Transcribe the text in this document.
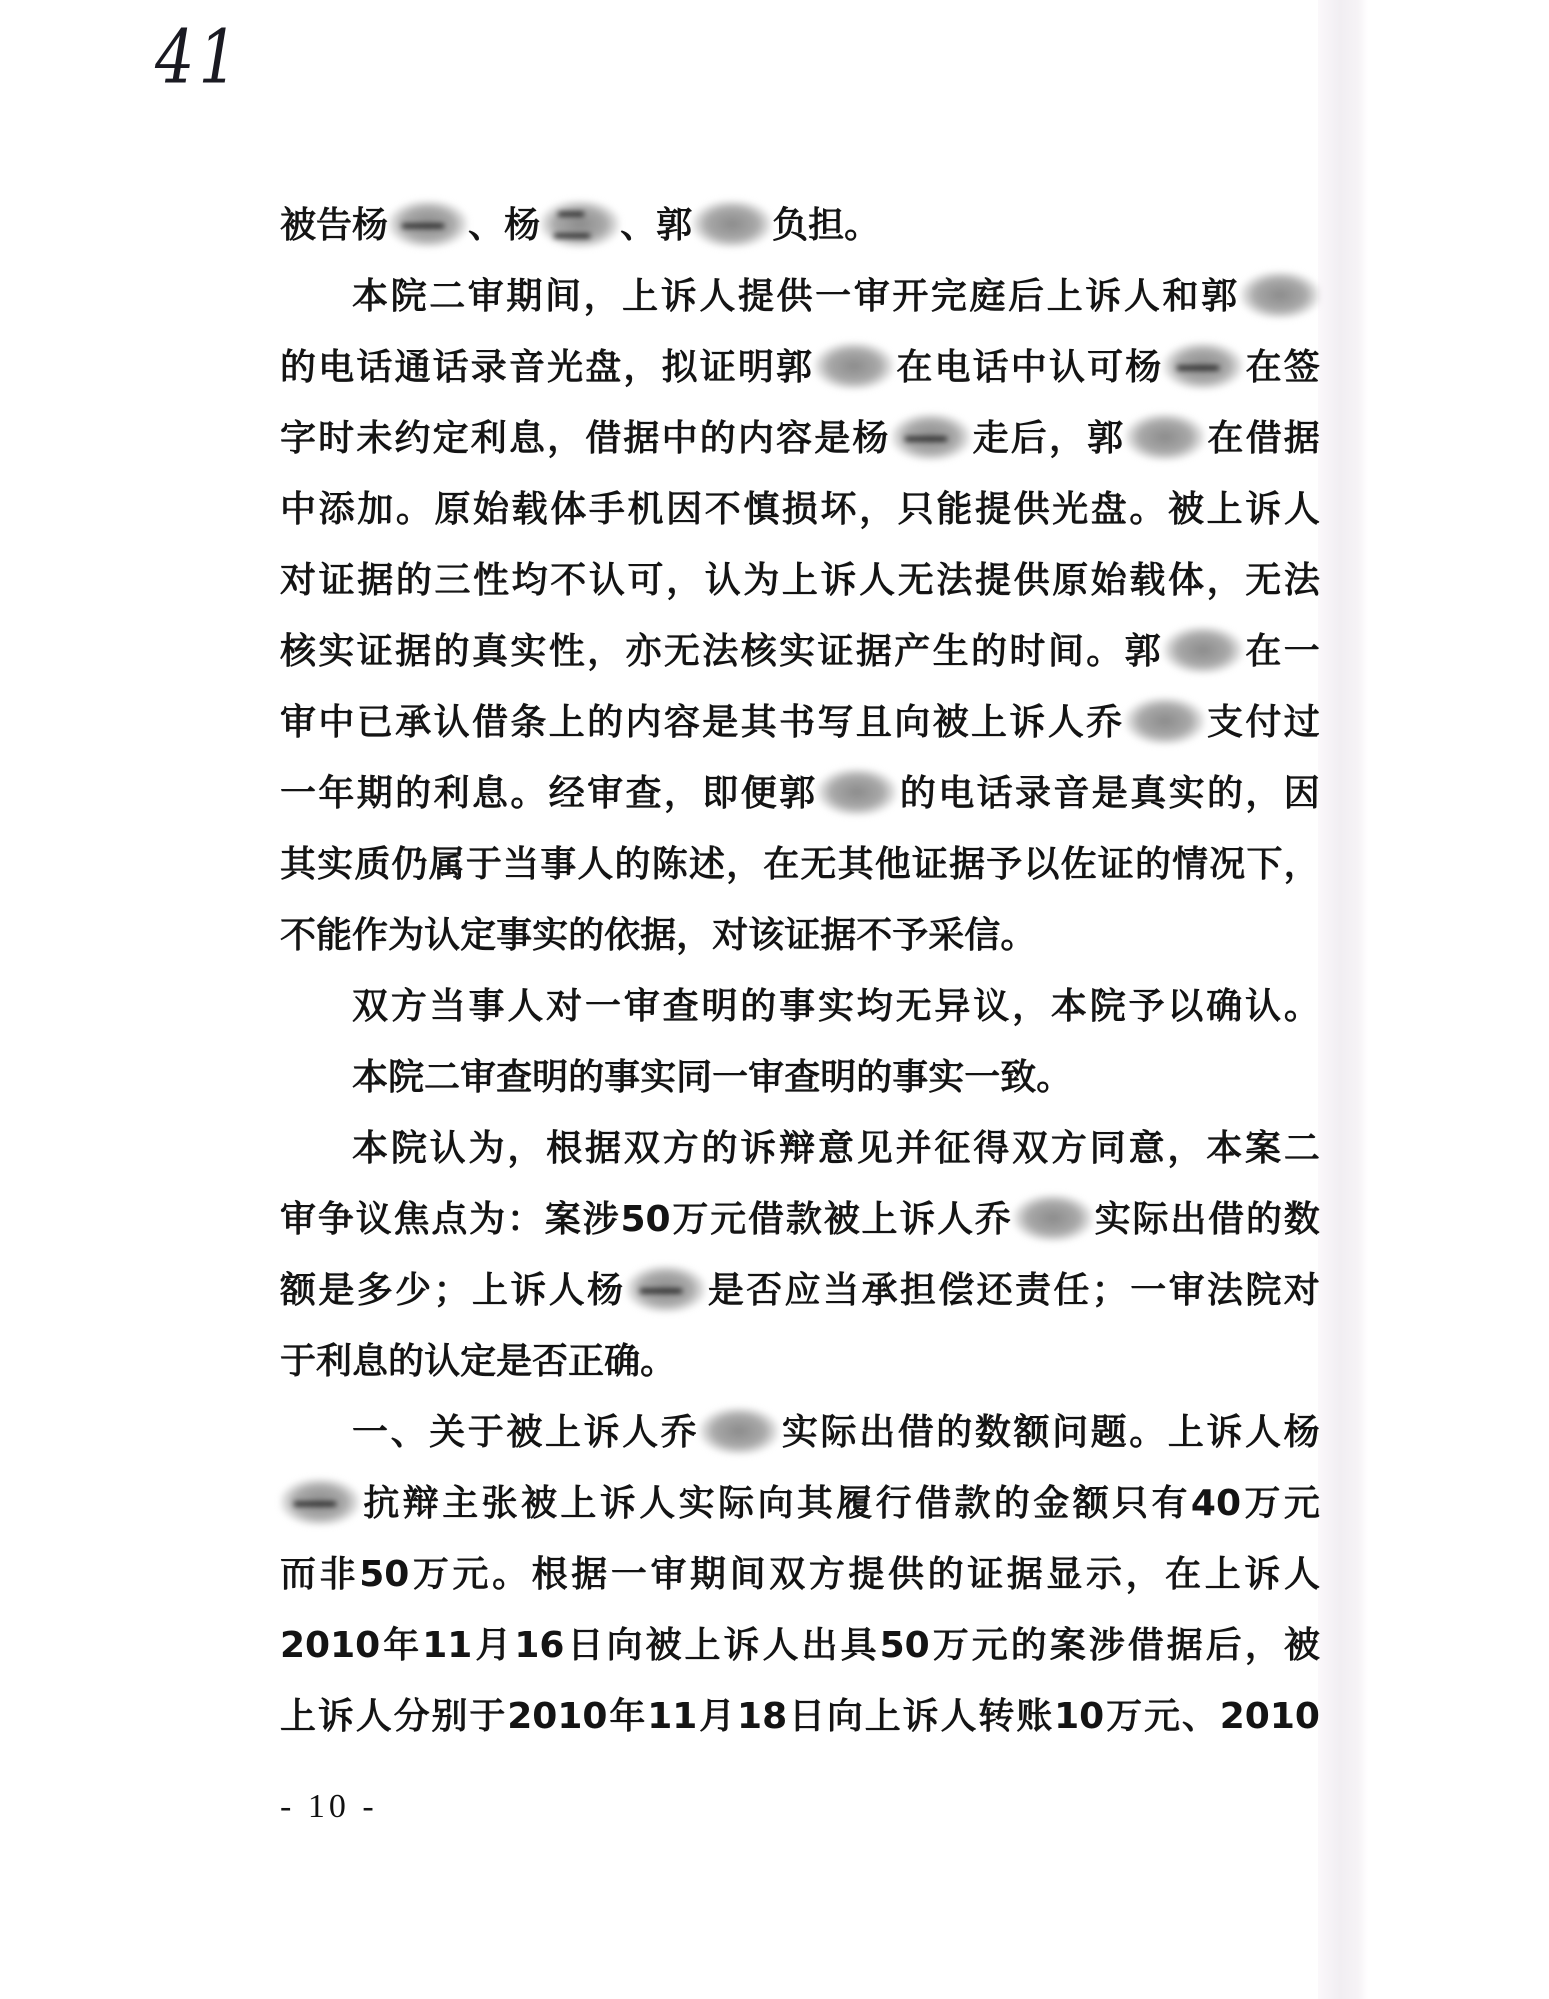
41
被 告 杨 、 杨 、 郭 负 担 。
本 院 二 审 期 间 ， 上 诉 人 提 供 一 审 开 完 庭 后 上 诉 人 和 郭
的 电 话 通 话 录 音 光 盘 ， 拟 证 明 郭 在 电 话 中 认 可 杨 在 签
字 时 未 约 定 利 息 ， 借 据 中 的 内 容 是 杨 走 后 ， 郭 在 借 据
中 添 加 。 原 始 载 体 手 机 因 不 慎 损 坏 ， 只 能 提 供 光 盘 。 被 上 诉 人
对 证 据 的 三 性 均 不 认 可 ， 认 为 上 诉 人 无 法 提 供 原 始 载 体 ， 无 法
核 实 证 据 的 真 实 性 ， 亦 无 法 核 实 证 据 产 生 的 时 间 。 郭 在 一
审 中 已 承 认 借 条 上 的 内 容 是 其 书 写 且 向 被 上 诉 人 乔 支 付 过
一 年 期 的 利 息 。 经 审 查 ， 即 便 郭 的 电 话 录 音 是 真 实 的 ， 因
其 实 质 仍 属 于 当 事 人 的 陈 述 ， 在 无 其 他 证 据 予 以 佐 证 的 情 况 下 ，
不 能 作 为 认 定 事 实 的 依 据 ， 对 该 证 据 不 予 采 信 。
双 方 当 事 人 对 一 审 查 明 的 事 实 均 无 异 议 ， 本 院 予 以 确 认 。
本 院 二 审 查 明 的 事 实 同 一 审 查 明 的 事 实 一 致 。
本 院 认 为 ， 根 据 双 方 的 诉 辩 意 见 并 征 得 双 方 同 意 ， 本 案 二
审 争 议 焦 点 为 ： 案 涉 50 万 元 借 款 被 上 诉 人 乔 实 际 出 借 的 数
额 是 多 少 ； 上 诉 人 杨 是 否 应 当 承 担 偿 还 责 任 ； 一 审 法 院 对
于 利 息 的 认 定 是 否 正 确 。
一 、 关 于 被 上 诉 人 乔 实 际 出 借 的 数 额 问 题 。 上 诉 人 杨
抗 辩 主 张 被 上 诉 人 实 际 向 其 履 行 借 款 的 金 额 只 有 40 万 元
而 非 50 万 元 。 根 据 一 审 期 间 双 方 提 供 的 证 据 显 示 ， 在 上 诉 人
2010 年 11 月 16 日 向 被 上 诉 人 出 具 50 万 元 的 案 涉 借 据 后 ， 被
上 诉 人 分 别 于 2010 年 11 月 18 日 向 上 诉 人 转 账 10 万 元 、 2010
- 10 -
